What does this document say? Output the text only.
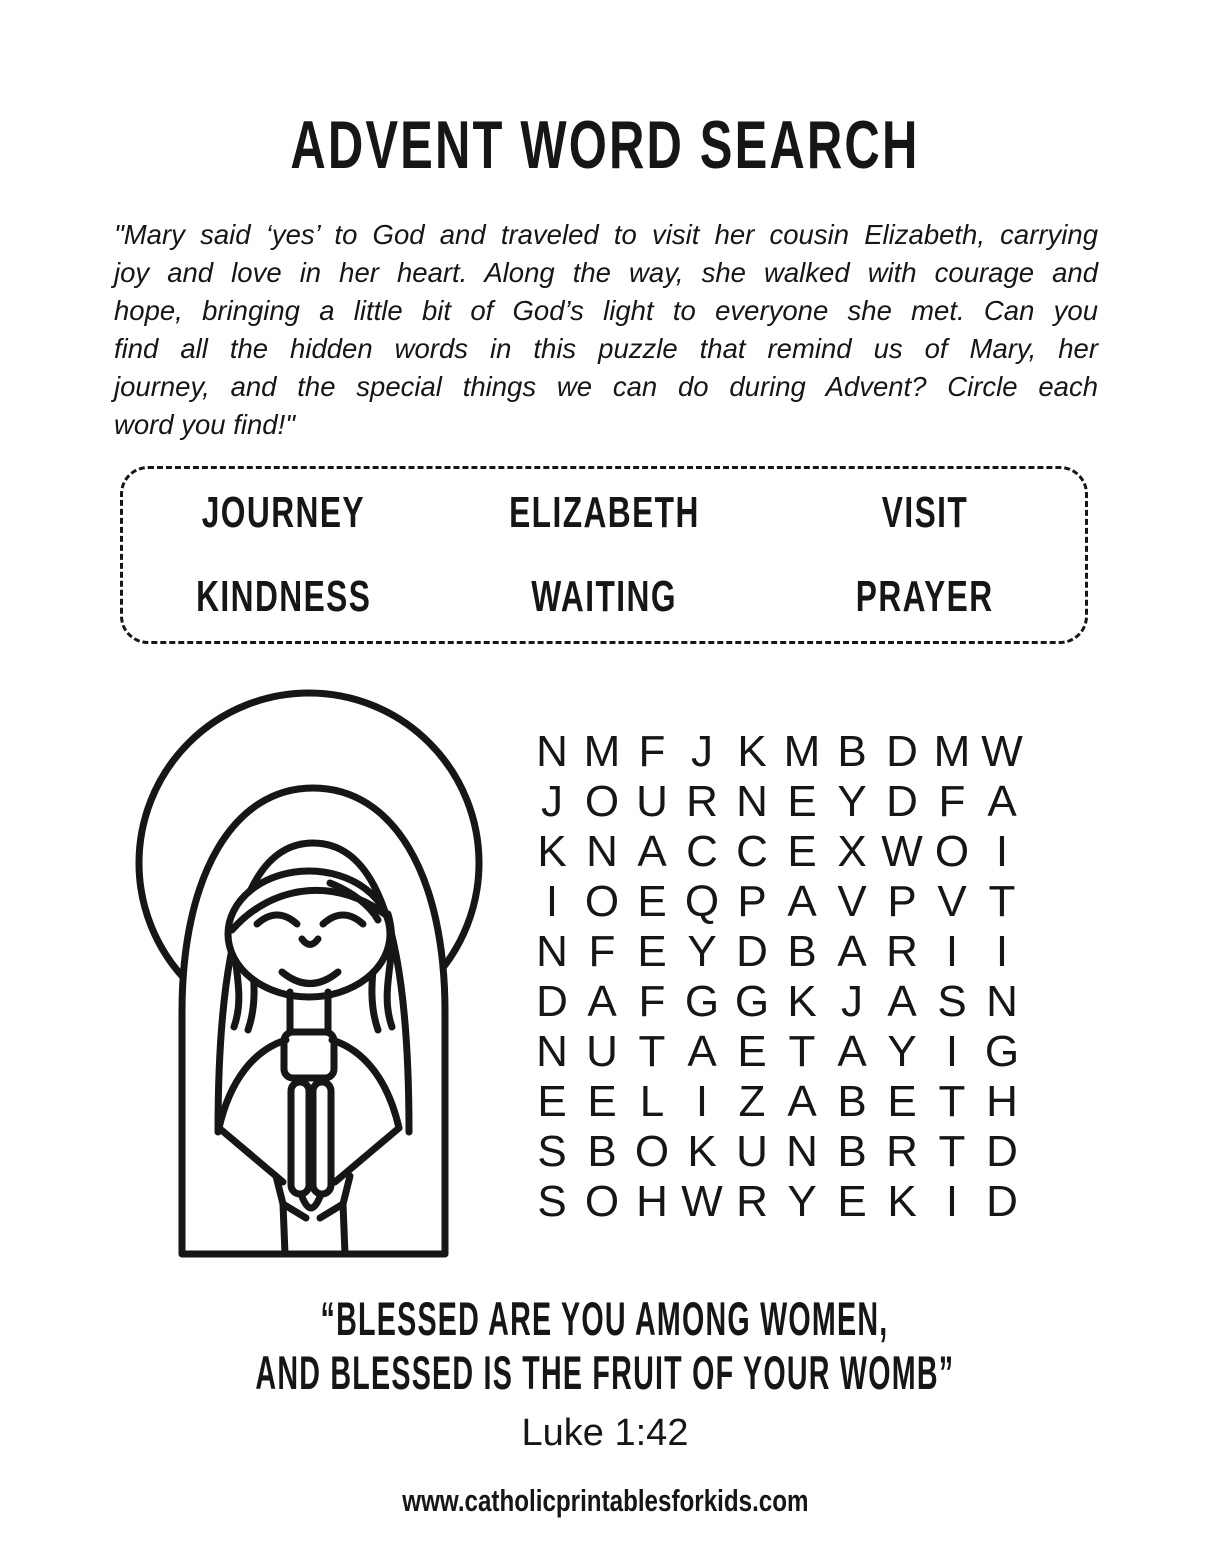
ADVENT WORD SEARCH
"Mary said ‘yes’ to God and traveled to visit her cousin Elizabeth, carrying
joy and love in her heart. Along the way, she walked with courage and
hope, bringing a little bit of God’s light to everyone she met. Can you
find all the hidden words in this puzzle that remind us of Mary, her
journey, and the special things we can do during Advent? Circle each
word you find!"
JOURNEY	ELIZABETH	VISIT
KINDNESS	WAITING	PRAYER
N M F J K M B D M W
J O U R N E Y D F A
K N A C C E X W O I
I O E Q P A V P V T
N F E Y D B A R I I
D A F G G K J A S N
N U T A E T A Y I G
E E L I Z A B E T H
S B O K U N B R T D
S O H W R Y E K I D
“BLESSED ARE YOU AMONG WOMEN,
AND BLESSED IS THE FRUIT OF YOUR WOMB”
Luke 1:42
www.catholicprintablesforkids.com
